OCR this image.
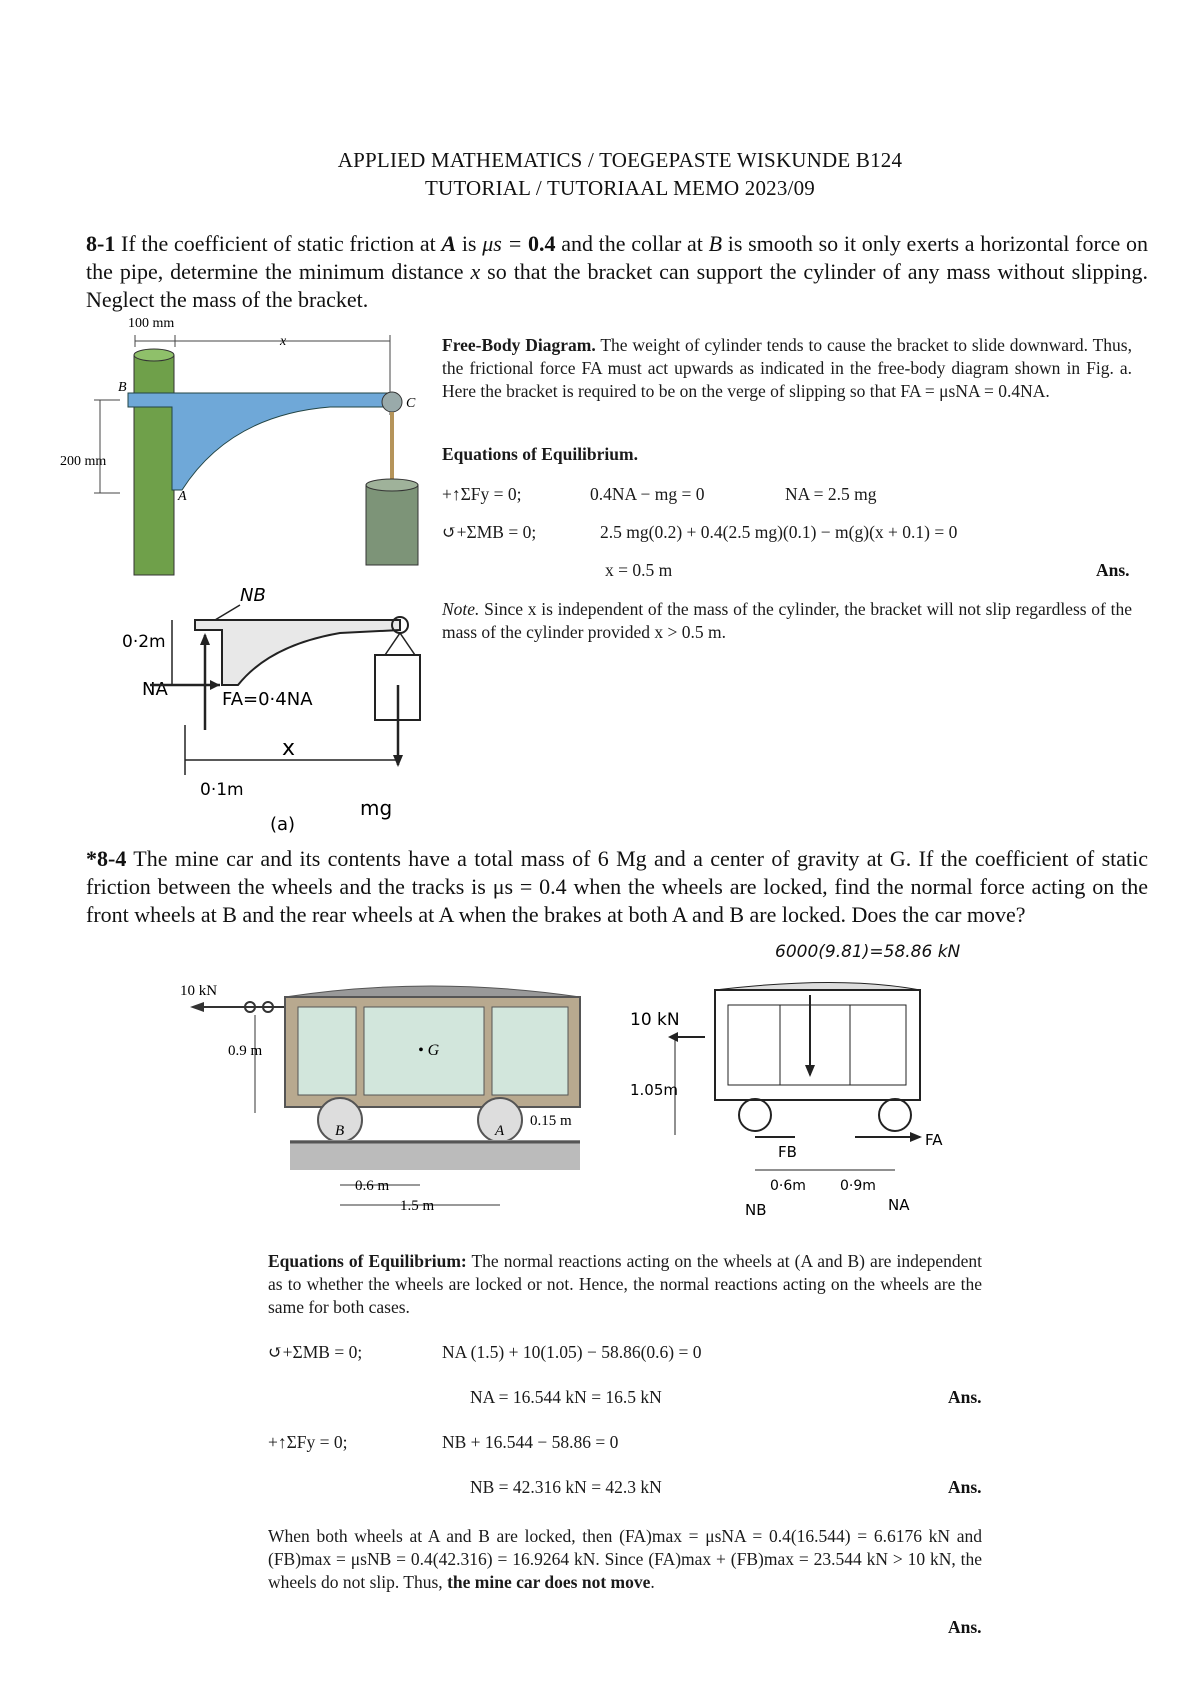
APPLIED MATHEMATICS / TOEGEPASTE WISKUNDE B124
TUTORIAL / TUTORIAAL MEMO 2023/09
8-1 If the coefficient of static friction at A is μs = 0.4 and the collar at B is smooth so it only exerts a horizontal force on the pipe, determine the minimum distance x so that the bracket can support the cylinder of any mass without slipping. Neglect the mass of the bracket.
100 mm
x
B
A
C
200 mm
NB
0·2m
NA	FA=0·4NA
x
0·1m
mg
(a)
Free-Body Diagram. The weight of cylinder tends to cause the bracket to slide downward. Thus, the frictional force FA must act upwards as indicated in the free-body diagram shown in Fig. a. Here the bracket is required to be on the verge of slipping so that FA = μsNA = 0.4NA.
Equations of Equilibrium.
+↑ΣFy = 0;	0.4NA − mg = 0	NA = 2.5 mg
↺+ΣMB = 0;	2.5 mg(0.2) + 0.4(2.5 mg)(0.1) − m(g)(x + 0.1) = 0
x = 0.5 m	Ans.
Note. Since x is independent of the mass of the cylinder, the bracket will not slip regardless of the mass of the cylinder provided x > 0.5 m.
*8-4 The mine car and its contents have a total mass of 6 Mg and a center of gravity at G. If the coefficient of static friction between the wheels and the tracks is μs = 0.4 when the wheels are locked, find the normal force acting on the front wheels at B and the rear wheels at A when the brakes at both A and B are locked. Does the car move?
10 kN
• G
0.9 m
B	A
0.15 m
0.6 m
1.5 m
6000(9.81)=58.86 kN
10 kN
1.05m
FB
FA
0·6m 0·9m
NB	NA
Equations of Equilibrium: The normal reactions acting on the wheels at (A and B) are independent as to whether the wheels are locked or not. Hence, the normal reactions acting on the wheels are the same for both cases.
↺+ΣMB = 0;	NA (1.5) + 10(1.05) − 58.86(0.6) = 0
NA = 16.544 kN = 16.5 kN	Ans.
+↑ΣFy = 0;	NB + 16.544 − 58.86 = 0
NB = 42.316 kN = 42.3 kN	Ans.
When both wheels at A and B are locked, then (FA)max = μsNA = 0.4(16.544) = 6.6176 kN and (FB)max = μsNB = 0.4(42.316) = 16.9264 kN. Since (FA)max + (FB)max = 23.544 kN > 10 kN, the wheels do not slip. Thus, the mine car does not move.
Ans.
